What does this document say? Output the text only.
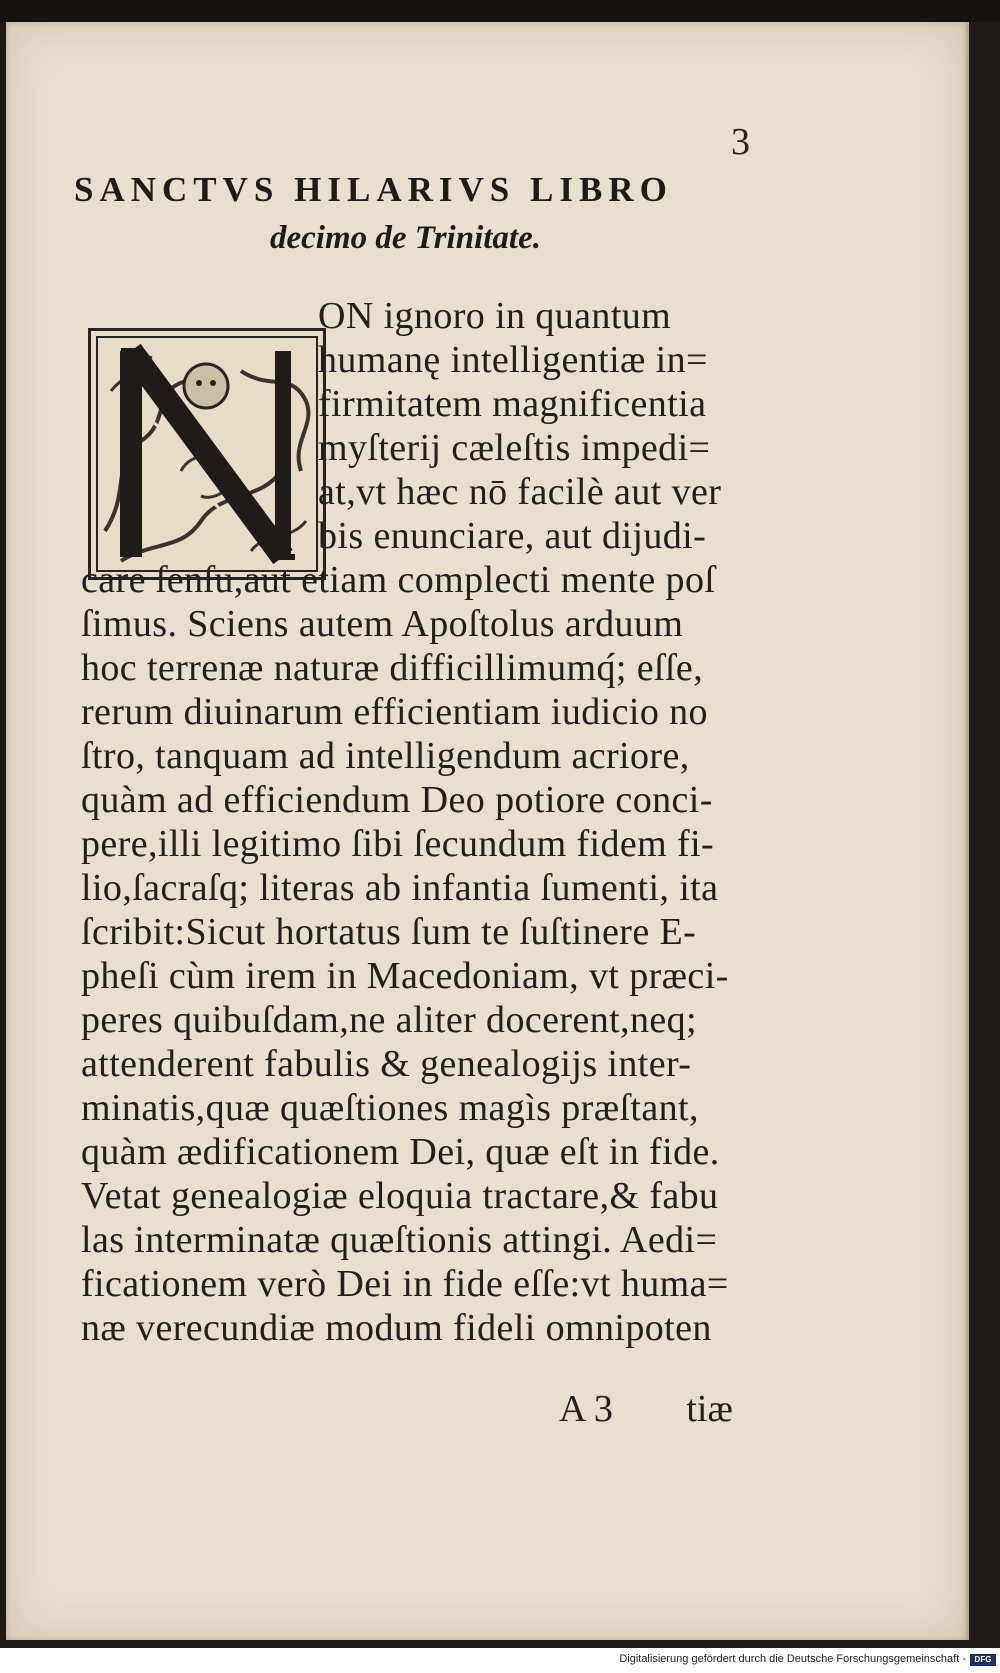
3
SANCTVS HILARIVS LIBRO
decimo de Trinitate.
ON ignoro in quantum
humanę intelligentiæ in=
firmitatem magnificentia
myſterij cæleſtis impedi=
at,vt hæc nō facilè aut ver
bis enunciare, aut dijudi-
care ſenſu,aut etiam complecti mente poſ
ſimus. Sciens autem Apoſtolus arduum
hoc terrenæ naturæ difficillimumq́; eſſe,
rerum diuinarum efficientiam iudicio no
ſtro, tanquam ad intelligendum acriore,
quàm ad efficiendum Deo potiore conci-
pere,illi legitimo ſibi ſecundum fidem fi-
lio,ſacraſq; literas ab infantia ſumenti, ita
ſcribit:Sicut hortatus ſum te ſuſtinere E-
pheſi cùm irem in Macedoniam, vt præci-
peres quibuſdam,ne aliter docerent,neq;
attenderent fabulis & genealogijs inter-
minatis,quæ quæſtiones magìs præſtant,
quàm ædificationem Dei, quæ eſt in fide.
Vetat genealogiæ eloquia tractare,& fabu
las interminatæ quæſtionis attingi. Aedi=
ficationem verò Dei in fide eſſe:vt huma=
næ verecundiæ modum fideli omnipoten
A 3 tiæ
Digitalisierung gefördert durch die Deutsche Forschungsgemeinschaft -	DFG
